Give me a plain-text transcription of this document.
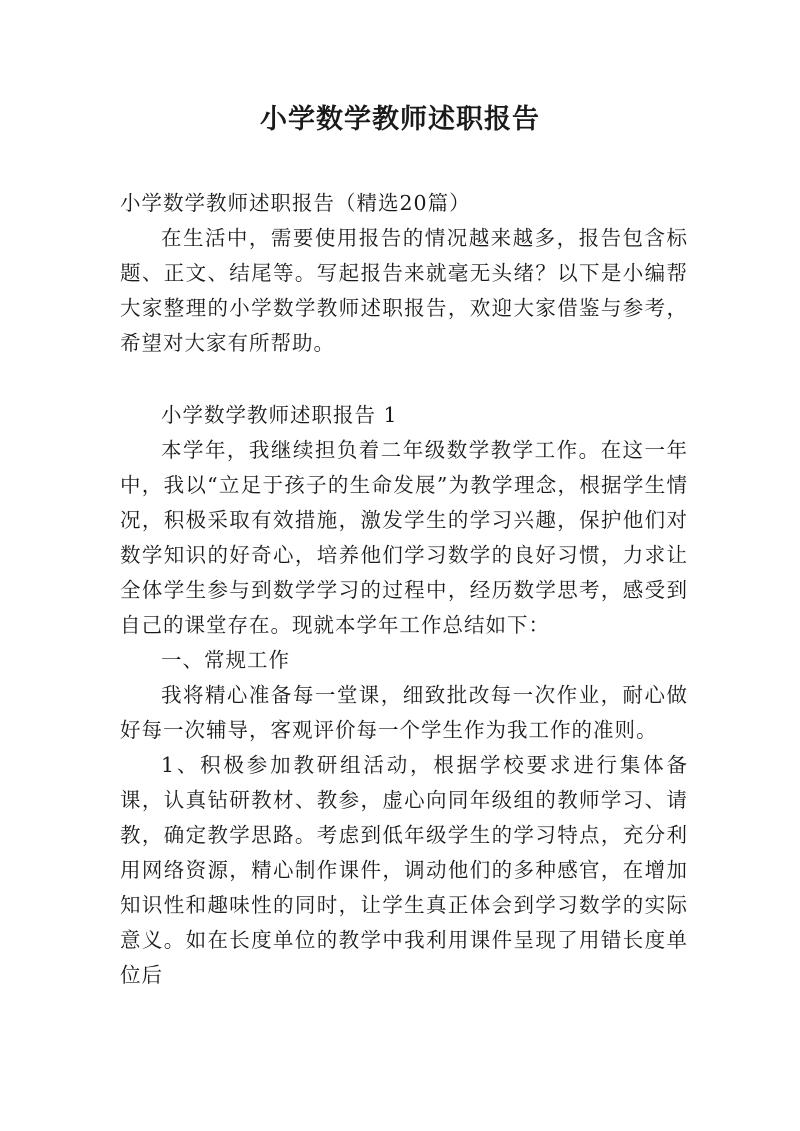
小学数学教师述职报告

小学数学教师述职报告（精选20篇）

在生活中，需要使用报告的情况越来越多，报告包含标题、正文、结尾等。写起报告来就毫无头绪？以下是小编帮大家整理的小学数学教师述职报告，欢迎大家借鉴与参考，希望对大家有所帮助。

小学数学教师述职报告 1

本学年，我继续担负着二年级数学教学工作。在这一年中，我以“立足于孩子的生命发展”为教学理念，根据学生情况，积极采取有效措施，激发学生的学习兴趣，保护他们对数学知识的好奇心，培养他们学习数学的良好习惯，力求让全体学生参与到数学学习的过程中，经历数学思考，感受到自己的课堂存在。现就本学年工作总结如下：

一、常规工作

我将精心准备每一堂课，细致批改每一次作业，耐心做好每一次辅导，客观评价每一个学生作为我工作的准则。

1、积极参加教研组活动，根据学校要求进行集体备课，认真钻研教材、教参，虚心向同年级组的教师学习、请教，确定教学思路。考虑到低年级学生的学习特点，充分利用网络资源，精心制作课件，调动他们的多种感官，在增加知识性和趣味性的同时，让学生真正体会到学习数学的实际意义。如在长度单位的教学中我利用课件呈现了用错长度单位后
